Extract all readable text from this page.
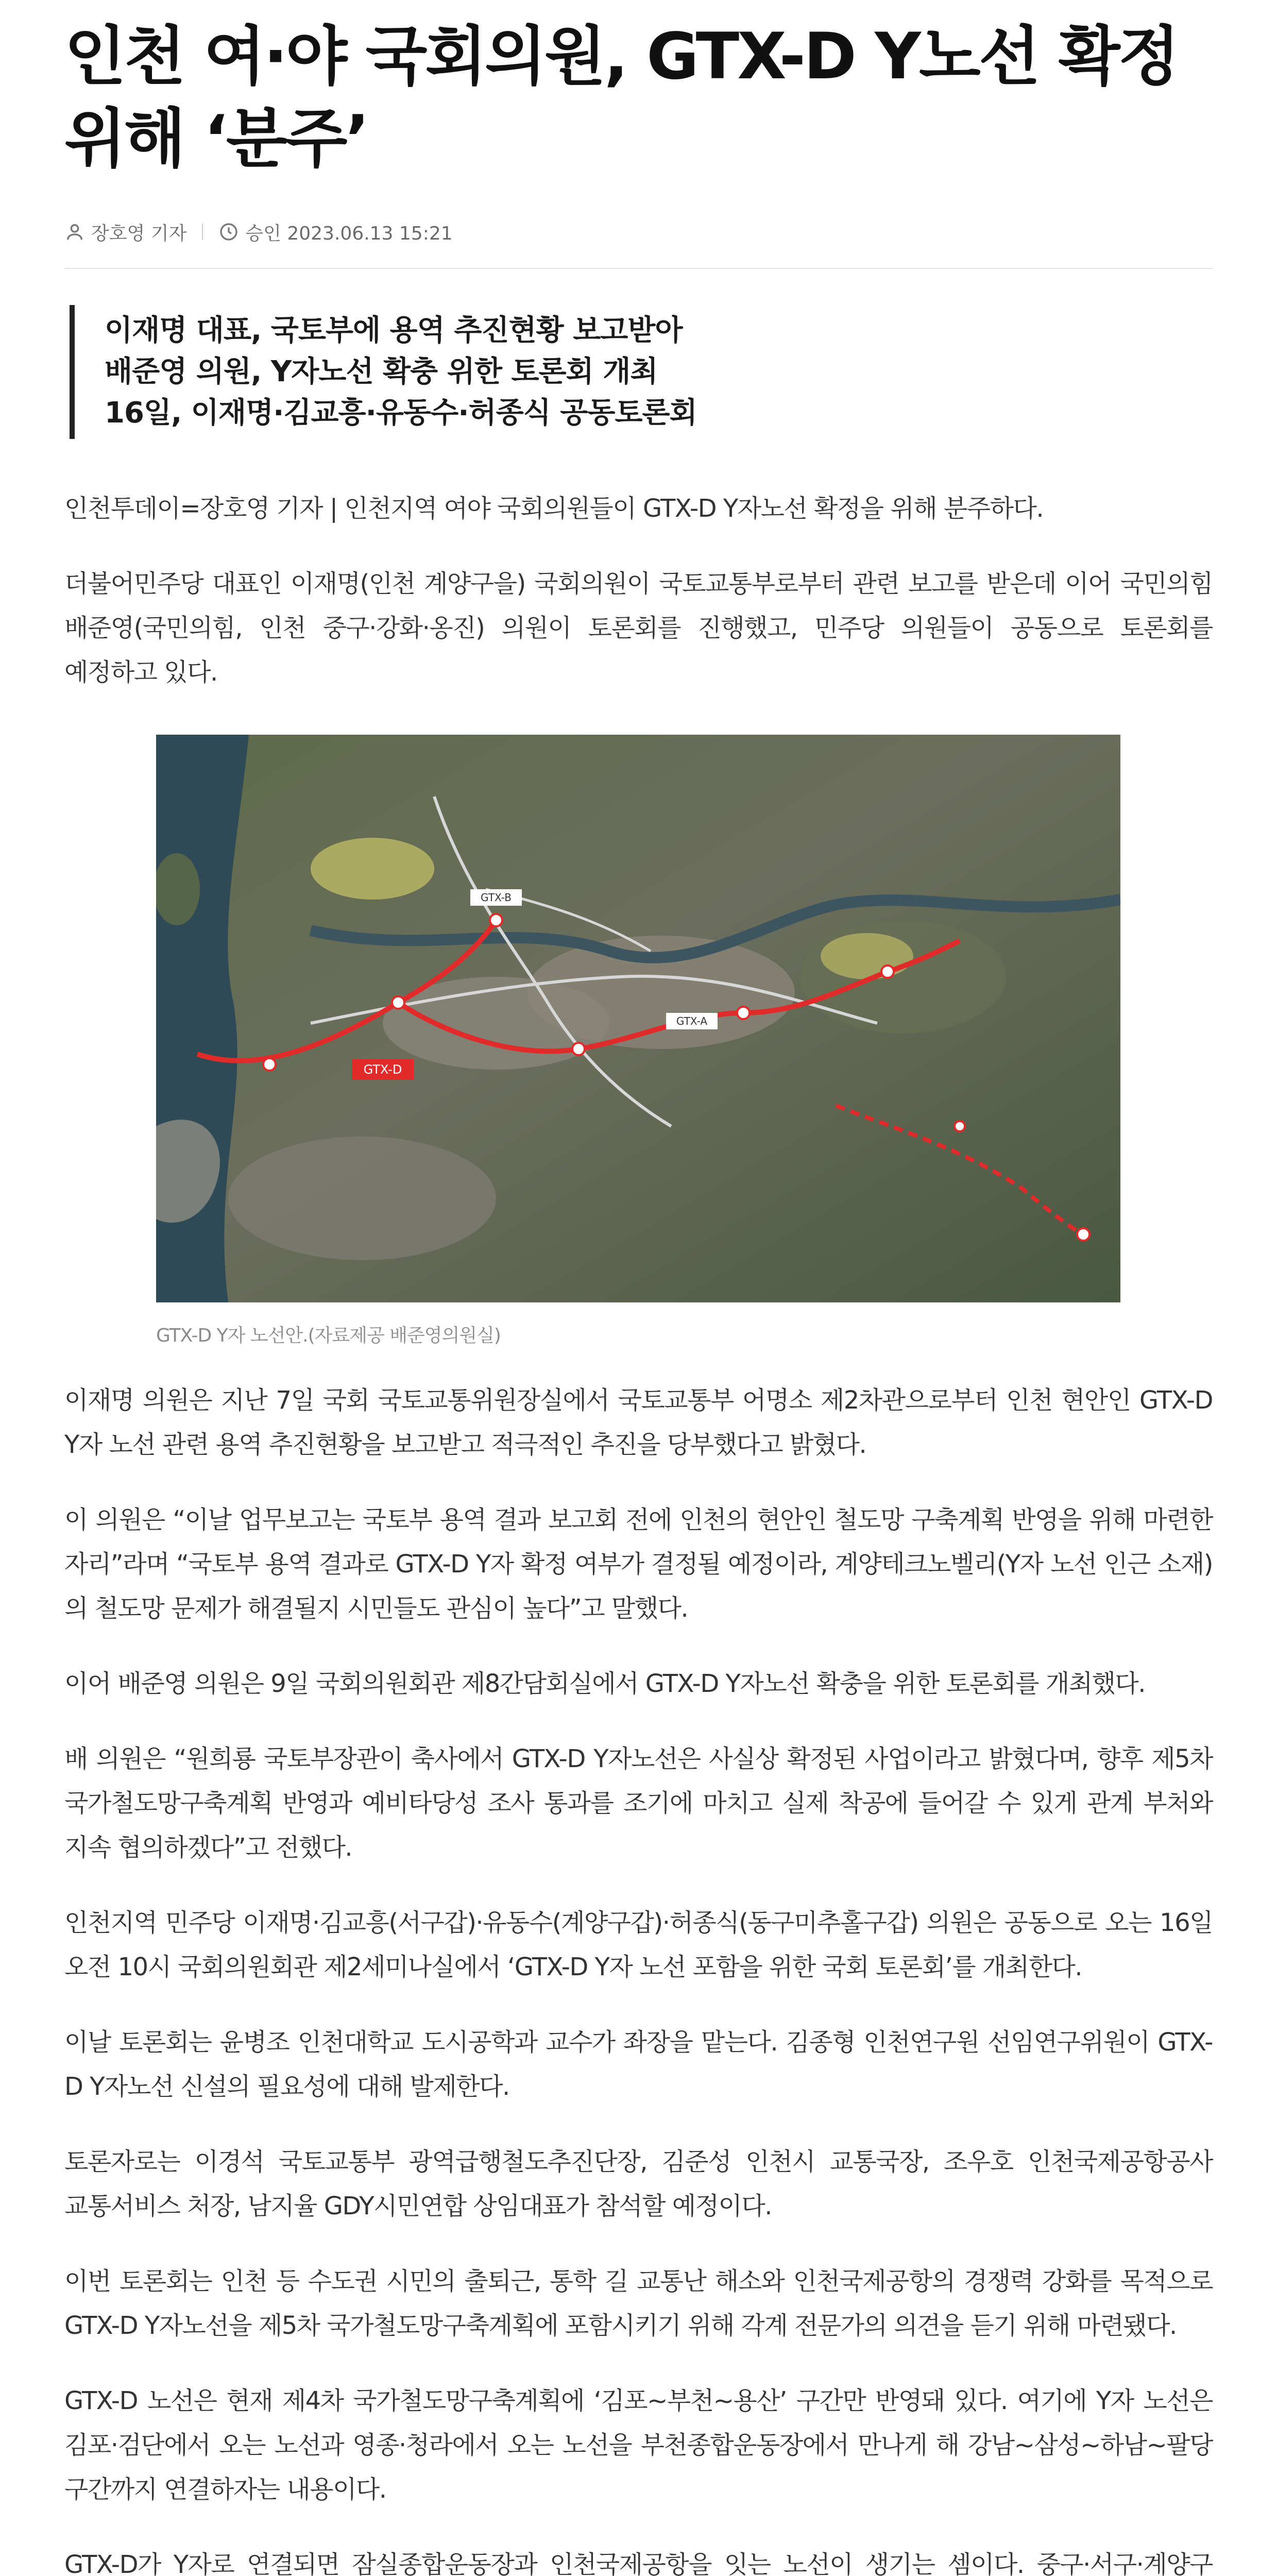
인천 여·야 국회의원, GTX-D Y노선 확정위해 ‘분주’
장호영 기자	승인 2023.06.13 15:21
이재명 대표, 국토부에 용역 추진현황 보고받아
배준영 의원, Y자노선 확충 위한 토론회 개최
16일, 이재명·김교흥·유동수·허종식 공동토론회

인천투데이=장호영 기자 | 인천지역 여야 국회의원들이 GTX-D Y자노선 확정을 위해 분주하다.

더불어민주당 대표인 이재명(인천 계양구을) 국회의원이 국토교통부로부터 관련 보고를 받은데 이어 국민의힘 배준영(국민의힘, 인천 중구·강화·옹진) 의원이 토론회를 진행했고, 민주당 의원들이 공동으로 토론회를 예정하고 있다.

GTX-D
GTX-B
GTX-A
GTX-D Y자 노선안.(자료제공 배준영의원실)

이재명 의원은 지난 7일 국회 국토교통위원장실에서 국토교통부 어명소 제2차관으로부터 인천 현안인 GTX-D Y자 노선 관련 용역 추진현황을 보고받고 적극적인 추진을 당부했다고 밝혔다.

이 의원은 “이날 업무보고는 국토부 용역 결과 보고회 전에 인천의 현안인 철도망 구축계획 반영을 위해 마련한 자리”라며 “국토부 용역 결과로 GTX-D Y자 확정 여부가 결정될 예정이라, 계양테크노벨리(Y자 노선 인근 소재)의 철도망 문제가 해결될지 시민들도 관심이 높다”고 말했다.

이어 배준영 의원은 9일 국회의원회관 제8간담회실에서 GTX-D Y자노선 확충을 위한 토론회를 개최했다.

배 의원은 “원희룡 국토부장관이 축사에서 GTX-D Y자노선은 사실상 확정된 사업이라고 밝혔다며, 향후 제5차 국가철도망구축계획 반영과 예비타당성 조사 통과를 조기에 마치고 실제 착공에 들어갈 수 있게 관계 부처와 지속 협의하겠다”고 전했다.

인천지역 민주당 이재명·김교흥(서구갑)·유동수(계양구갑)·허종식(동구미추홀구갑) 의원은 공동으로 오는 16일 오전 10시 국회의원회관 제2세미나실에서 ‘GTX-D Y자 노선 포함을 위한 국회 토론회’를 개최한다.

이날 토론회는 윤병조 인천대학교 도시공학과 교수가 좌장을 맡는다. 김종형 인천연구원 선임연구위원이 GTX-D Y자노선 신설의 필요성에 대해 발제한다.

토론자로는 이경석 국토교통부 광역급행철도추진단장, 김준성 인천시 교통국장, 조우호 인천국제공항공사 교통서비스 처장, 남지율 GDY시민연합 상임대표가 참석할 예정이다.

이번 토론회는 인천 등 수도권 시민의 출퇴근, 통학 길 교통난 해소와 인천국제공항의 경쟁력 강화를 목적으로 GTX-D Y자노선을 제5차 국가철도망구축계획에 포함시키기 위해 각계 전문가의 의견을 듣기 위해 마련됐다.

GTX-D 노선은 현재 제4차 국가철도망구축계획에 ‘김포~부천~용산’ 구간만 반영돼 있다. 여기에 Y자 노선은 김포·검단에서 오는 노선과 영종·청라에서 오는 노선을 부천종합운동장에서 만나게 해 강남~삼성~하남~팔당 구간까지 연결하자는 내용이다.

GTX-D가 Y자로 연결되면 잠실종합운동장과 인천국제공항을 잇는 노선이 생기는 셈이다. 중구·서구·계양구
